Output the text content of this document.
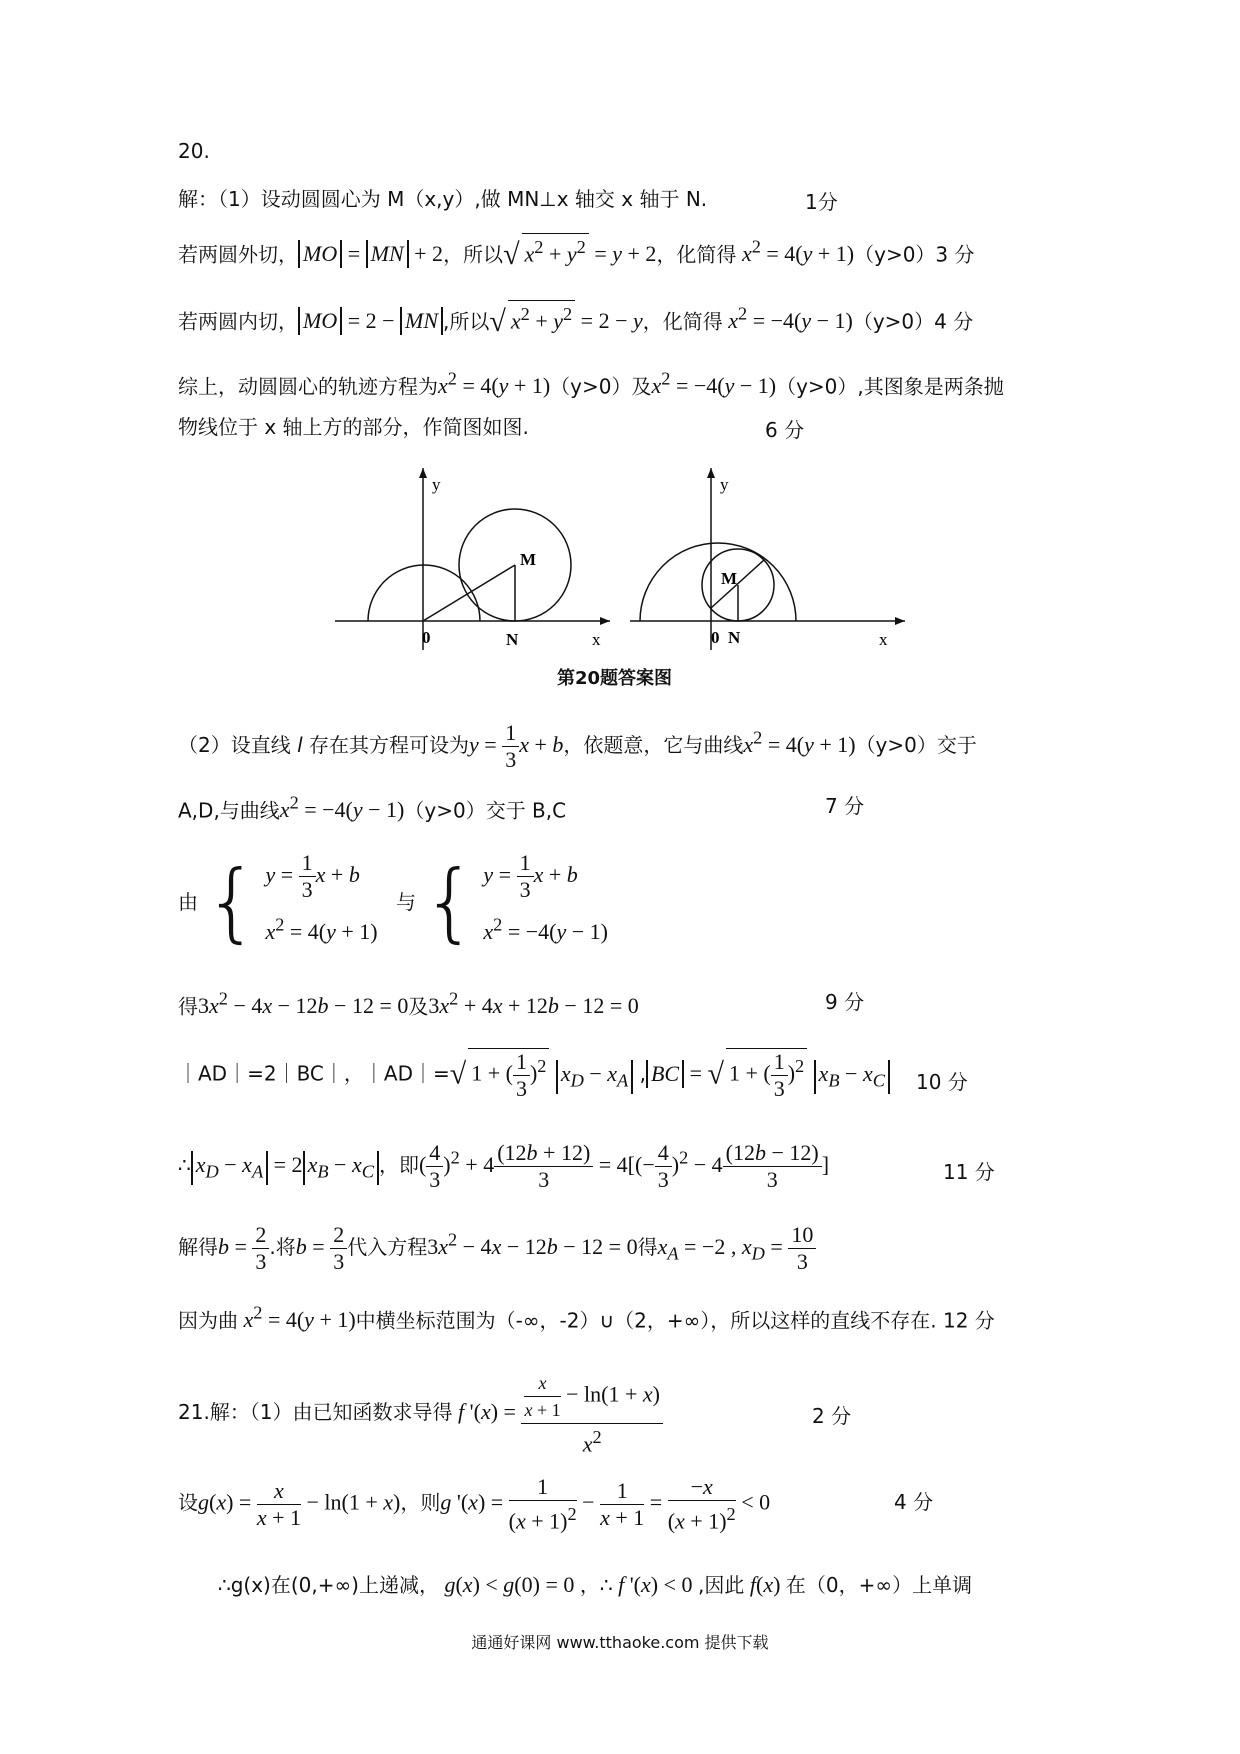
20.
解：（1）设动圆圆心为 M（x,y）,做 MN⊥x 轴交 x 轴于 N.	1分
若两圆外切， MO = MN + 2，所以√ $x^2 + y^2 = y + 2$，化简得 $x^2 = 4(y + 1)(y>0)3$ 分
若两圆内切， MO = 2 − MN ,所以√ $x^2 + y^2 = 2 - y$，化简得 $x^2 = -4(y - 1)(y>0)4$ 分
综上，动圆圆心的轨迹方程为$x^2 = 4(y + 1)(y>0)$及$x^2 = -4(y - 1)(y>0)$,其图象是两条抛
物线位于 x 轴上方的部分，作简图如图.	6 分
y
x
0	N
M
y
x
0 N
M
第20题答案图
（2）设直线 l 存在其方程可设为$y = \frac{1}{3}$ x + b，依题意，它与曲线$x^2 = 4(y + 1)(y>0)$交于
A,D,与曲线$x^2 = -4(y - 1)(y>0)$交于 B,C	7 分
由 { $y = \frac{1}{3}$ x + b
$x^2 = 4(y + 1)$
与 { $y = \frac{1}{3}$ x + b
$x^2 = -4(y - 1)$
得$3x^2 - 4x - 12b - 12 = 0$及$3x^2 + 4x + 12b - 12 = 0$	9 分
｜AD｜=2｜BC｜，｜AD｜=√ 1 + ( $\frac{1}{3} )^2$ $x_D - x_A$ , BC = √ 1 + ( $\frac{1}{3} )^2$ $x_B - x_C$ 10 分
∴ $x_D - x_A = 2$ $x_B - x_C$ ，即( $\frac{4}{3} )^2 + 4 \frac{(12b + 12)}{3} = 4[(- \frac{4}{3} )^2 - 4 \frac{(12b - 12)}{3}$ ]	11 分
解得$b = \frac{2}{3}$ .将$b = \frac{2}{3}$ 代入方程$3x^2 - 4x - 12b - 12 = 0$得$x_A = -2$ , $x_D = \frac{10}{3}$
因为曲 $x^2 = 4(y + 1)$中横坐标范围为（-∞，-2）∪（2，+∞），所以这样的直线不存在. 12 分
21.解：（1）由已知函数求导得 f '$(x) = \frac{\frac{x}{x + 1} - \ln(1 + x)}{x^2}$	2 分
设$g(x) = \frac{x}{x + 1} - \ln(1 + x)$，则g '$(x) = \frac{1}{(x + 1)^2} - \frac{1}{x + 1} = \frac{-x}{(x + 1)^2} < 0$	4 分
∴g(x)在(0,+∞)上递减， g(x) < g(0) = 0 ，∴ f '(x) < 0 ,因此 f(x) 在（0，+∞）上单调
通通好课网 www.tthaoke.com 提供下载
